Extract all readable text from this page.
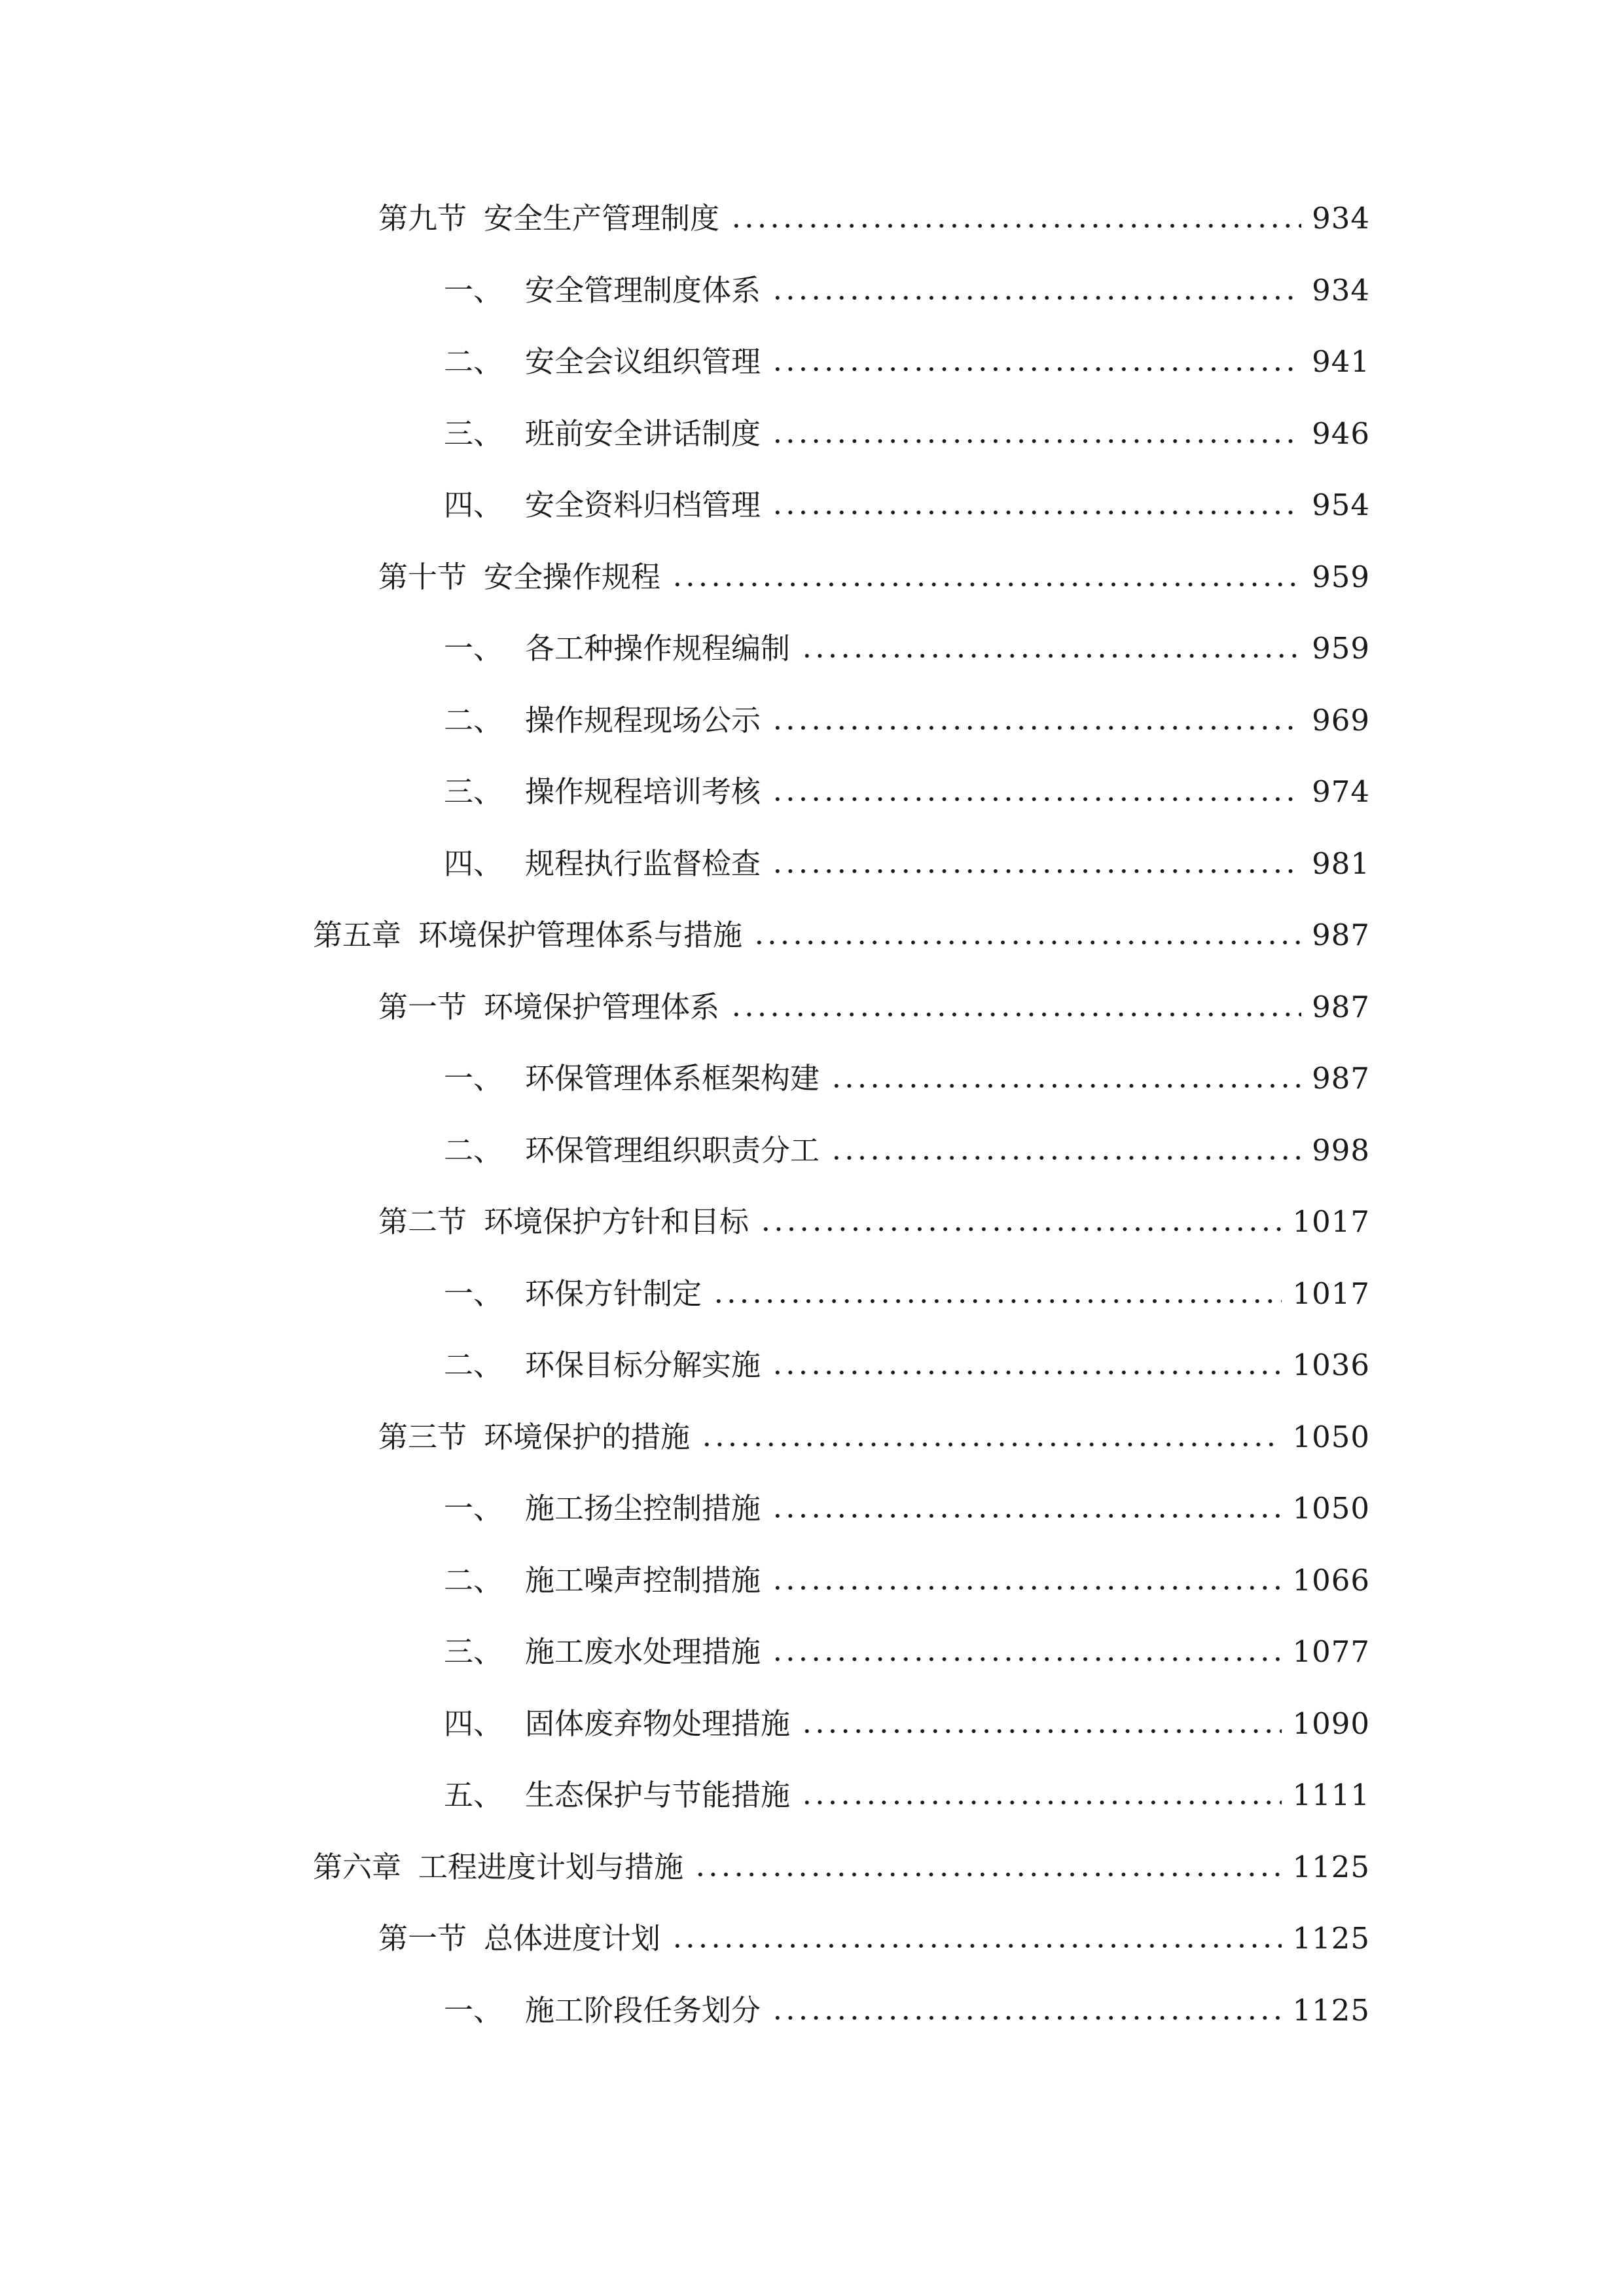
第九节 安全生产管理制度	934
一、 安全管理制度体系	934
二、 安全会议组织管理	941
三、 班前安全讲话制度	946
四、 安全资料归档管理	954
第十节 安全操作规程	959
一、 各工种操作规程编制	959
二、 操作规程现场公示	969
三、 操作规程培训考核	974
四、 规程执行监督检查	981
第五章 环境保护管理体系与措施	987
第一节 环境保护管理体系	987
一、 环保管理体系框架构建	987
二、 环保管理组织职责分工	998
第二节 环境保护方针和目标	1017
一、 环保方针制定	1017
二、 环保目标分解实施	1036
第三节 环境保护的措施	1050
一、 施工扬尘控制措施	1050
二、 施工噪声控制措施	1066
三、 施工废水处理措施	1077
四、 固体废弃物处理措施	1090
五、 生态保护与节能措施	1111
第六章 工程进度计划与措施	1125
第一节 总体进度计划	1125
一、 施工阶段任务划分	1125
